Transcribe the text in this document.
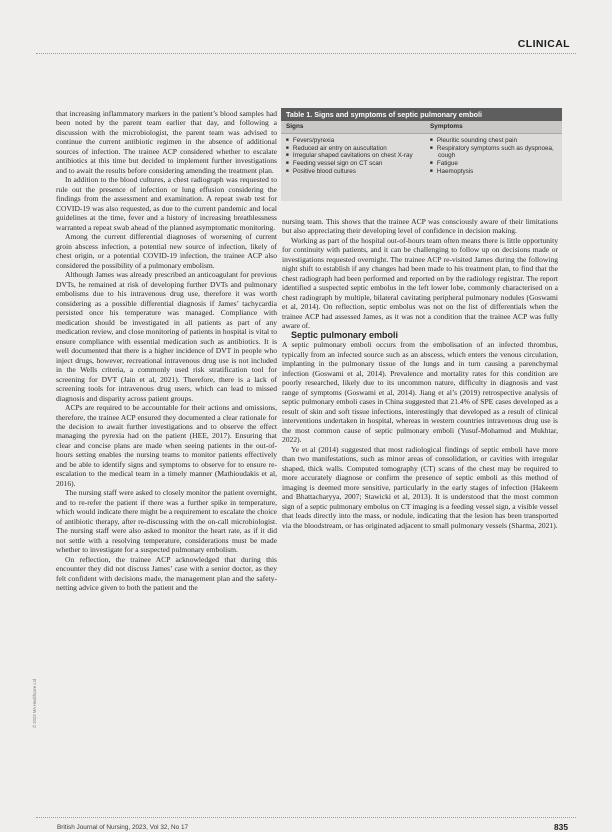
CLINICAL

that increasing inflammatory markers in the patient’s blood samples had been noted by the parent team earlier that day, and following a discussion with the microbiologist, the parent team was advised to continue the current antibiotic regimen in the absence of additional sources of infection. The trainee ACP considered whether to escalate antibiotics at this time but decided to implement further investigations and to await the results before considering amending the treatment plan.

In addition to the blood cultures, a chest radiograph was requested to rule out the presence of infection or lung effusion considering the findings from the assessment and examination. A repeat swab test for COVID-19 was also requested, as due to the current pandemic and local guidelines at the time, fever and a history of increasing breathlessness warranted a repeat swab ahead of the planned asymptomatic monitoring.

Among the current differential diagnoses of worsening of current groin abscess infection, a potential new source of infection, likely of chest origin, or a potential COVID-19 infection, the trainee ACP also considered the possibility of a pulmonary embolism.

Although James was already prescribed an anticoagulant for previous DVTs, he remained at risk of developing further DVTs and pulmonary embolisms due to his intravenous drug use, therefore it was worth considering as a possible differential diagnosis if James’ tachycardia persisted once his temperature was managed. Compliance with medication should be investigated in all patients as part of any medication review, and close monitoring of patients in hospital is vital to ensure compliance with essential medication such as antibiotics. It is well documented that there is a higher incidence of DVT in people who inject drugs, however, recreational intravenous drug use is not included in the Wells criteria, a commonly used risk stratification tool for screening for DVT (Jain et al, 2021). Therefore, there is a lack of screening tools for intravenous drug users, which can lead to missed diagnosis and disparity across patient groups.

ACPs are required to be accountable for their actions and omissions, therefore, the trainee ACP ensured they documented a clear rationale for the decision to await further investigations and to observe the effect managing the pyrexia had on the patient (HEE, 2017). Ensuring that clear and concise plans are made when seeing patients in the out-of-hours setting enables the nursing teams to monitor patients effectively and be able to identify signs and symptoms to observe for to ensure re-escalation to the medical team in a timely manner (Mathioudakis et al, 2016).

The nursing staff were asked to closely monitor the patient overnight, and to re-refer the patient if there was a further spike in temperature, which would indicate there might be a requirement to escalate the choice of antibiotic therapy, after re-discussing with the on-call microbiologist. The nursing staff were also asked to monitor the heart rate, as if it did not settle with a resolving temperature, considerations must be made whether to investigate for a suspected pulmonary embolism.

On reflection, the trainee ACP acknowledged that during this encounter they did not discuss James’ case with a senior doctor, as they felt confident with decisions made, the management plan and the safety-netting advice given to both the patient and the

Table 1. Signs and symptoms of septic pulmonary emboli
Signs	Symptoms
■ Fevers/pyrexia
■ Reduced air entry on auscultation
■ Irregular shaped cavitations on chest X-ray
■ Feeding vessel sign on CT scan
■ Positive blood cultures
■ Pleuritic sounding chest pain
■ Respiratory symptoms such as dyspnoea, cough
■ Fatigue
■ Haemoptysis

nursing team. This shows that the trainee ACP was consciously aware of their limitations but also appreciating their developing level of confidence in decision making.

Working as part of the hospital out-of-hours team often means there is little opportunity for continuity with patients, and it can be challenging to follow up on decisions made or investigations requested overnight. The trainee ACP re-visited James during the following night shift to establish if any changes had been made to his treatment plan, to find that the chest radiograph had been performed and reported on by the radiology registrar. The report identified a suspected septic embolus in the left lower lobe, commonly characterised on a chest radiograph by multiple, bilateral cavitating peripheral pulmonary nodules (Goswami et al, 2014). On reflection, septic embolus was not on the list of differentials when the trainee ACP had assessed James, as it was not a condition that the trainee ACP was fully aware of.

Septic pulmonary emboli

A septic pulmonary emboli occurs from the embolisation of an infected thrombus, typically from an infected source such as an abscess, which enters the venous circulation, implanting in the pulmonary tissue of the lungs and in turn causing a parenchymal infection (Goswami et al, 2014). Prevalence and mortality rates for this condition are poorly researched, likely due to its uncommon nature, difficulty in diagnosis and vast range of symptoms (Goswami et al, 2014). Jiang et al’s (2019) retrospective analysis of septic pulmonary emboli cases in China suggested that 21.4% of SPE cases developed as a result of skin and soft tissue infections, interestingly that developed as a result of clinical interventions undertaken in hospital, whereas in western countries intravenous drug use is the most common cause of septic pulmonary emboli (Yusuf-Mohamud and Mukhtar, 2022).

Ye et al (2014) suggested that most radiological findings of septic emboli have more than two manifestations, such as minor areas of consolidation, or cavities with irregular shaped, thick walls. Computed tomography (CT) scans of the chest may be required to more accurately diagnose or confirm the presence of septic emboli as this method of imaging is deemed more sensitive, particularly in the early stages of infection (Hakeem and Bhattacharyya, 2007; Stawicki et al, 2013). It is understood that the most common sign of a septic pulmonary embolus on CT imaging is a feeding vessel sign, a visible vessel that leads directly into the mass, or nodule, indicating that the lesion has been transported via the bloodstream, or has originated adjacent to small pulmonary vessels (Sharma, 2021).

© 2023 MA Healthcare Ltd
British Journal of Nursing, 2023, Vol 32, No 17	835
